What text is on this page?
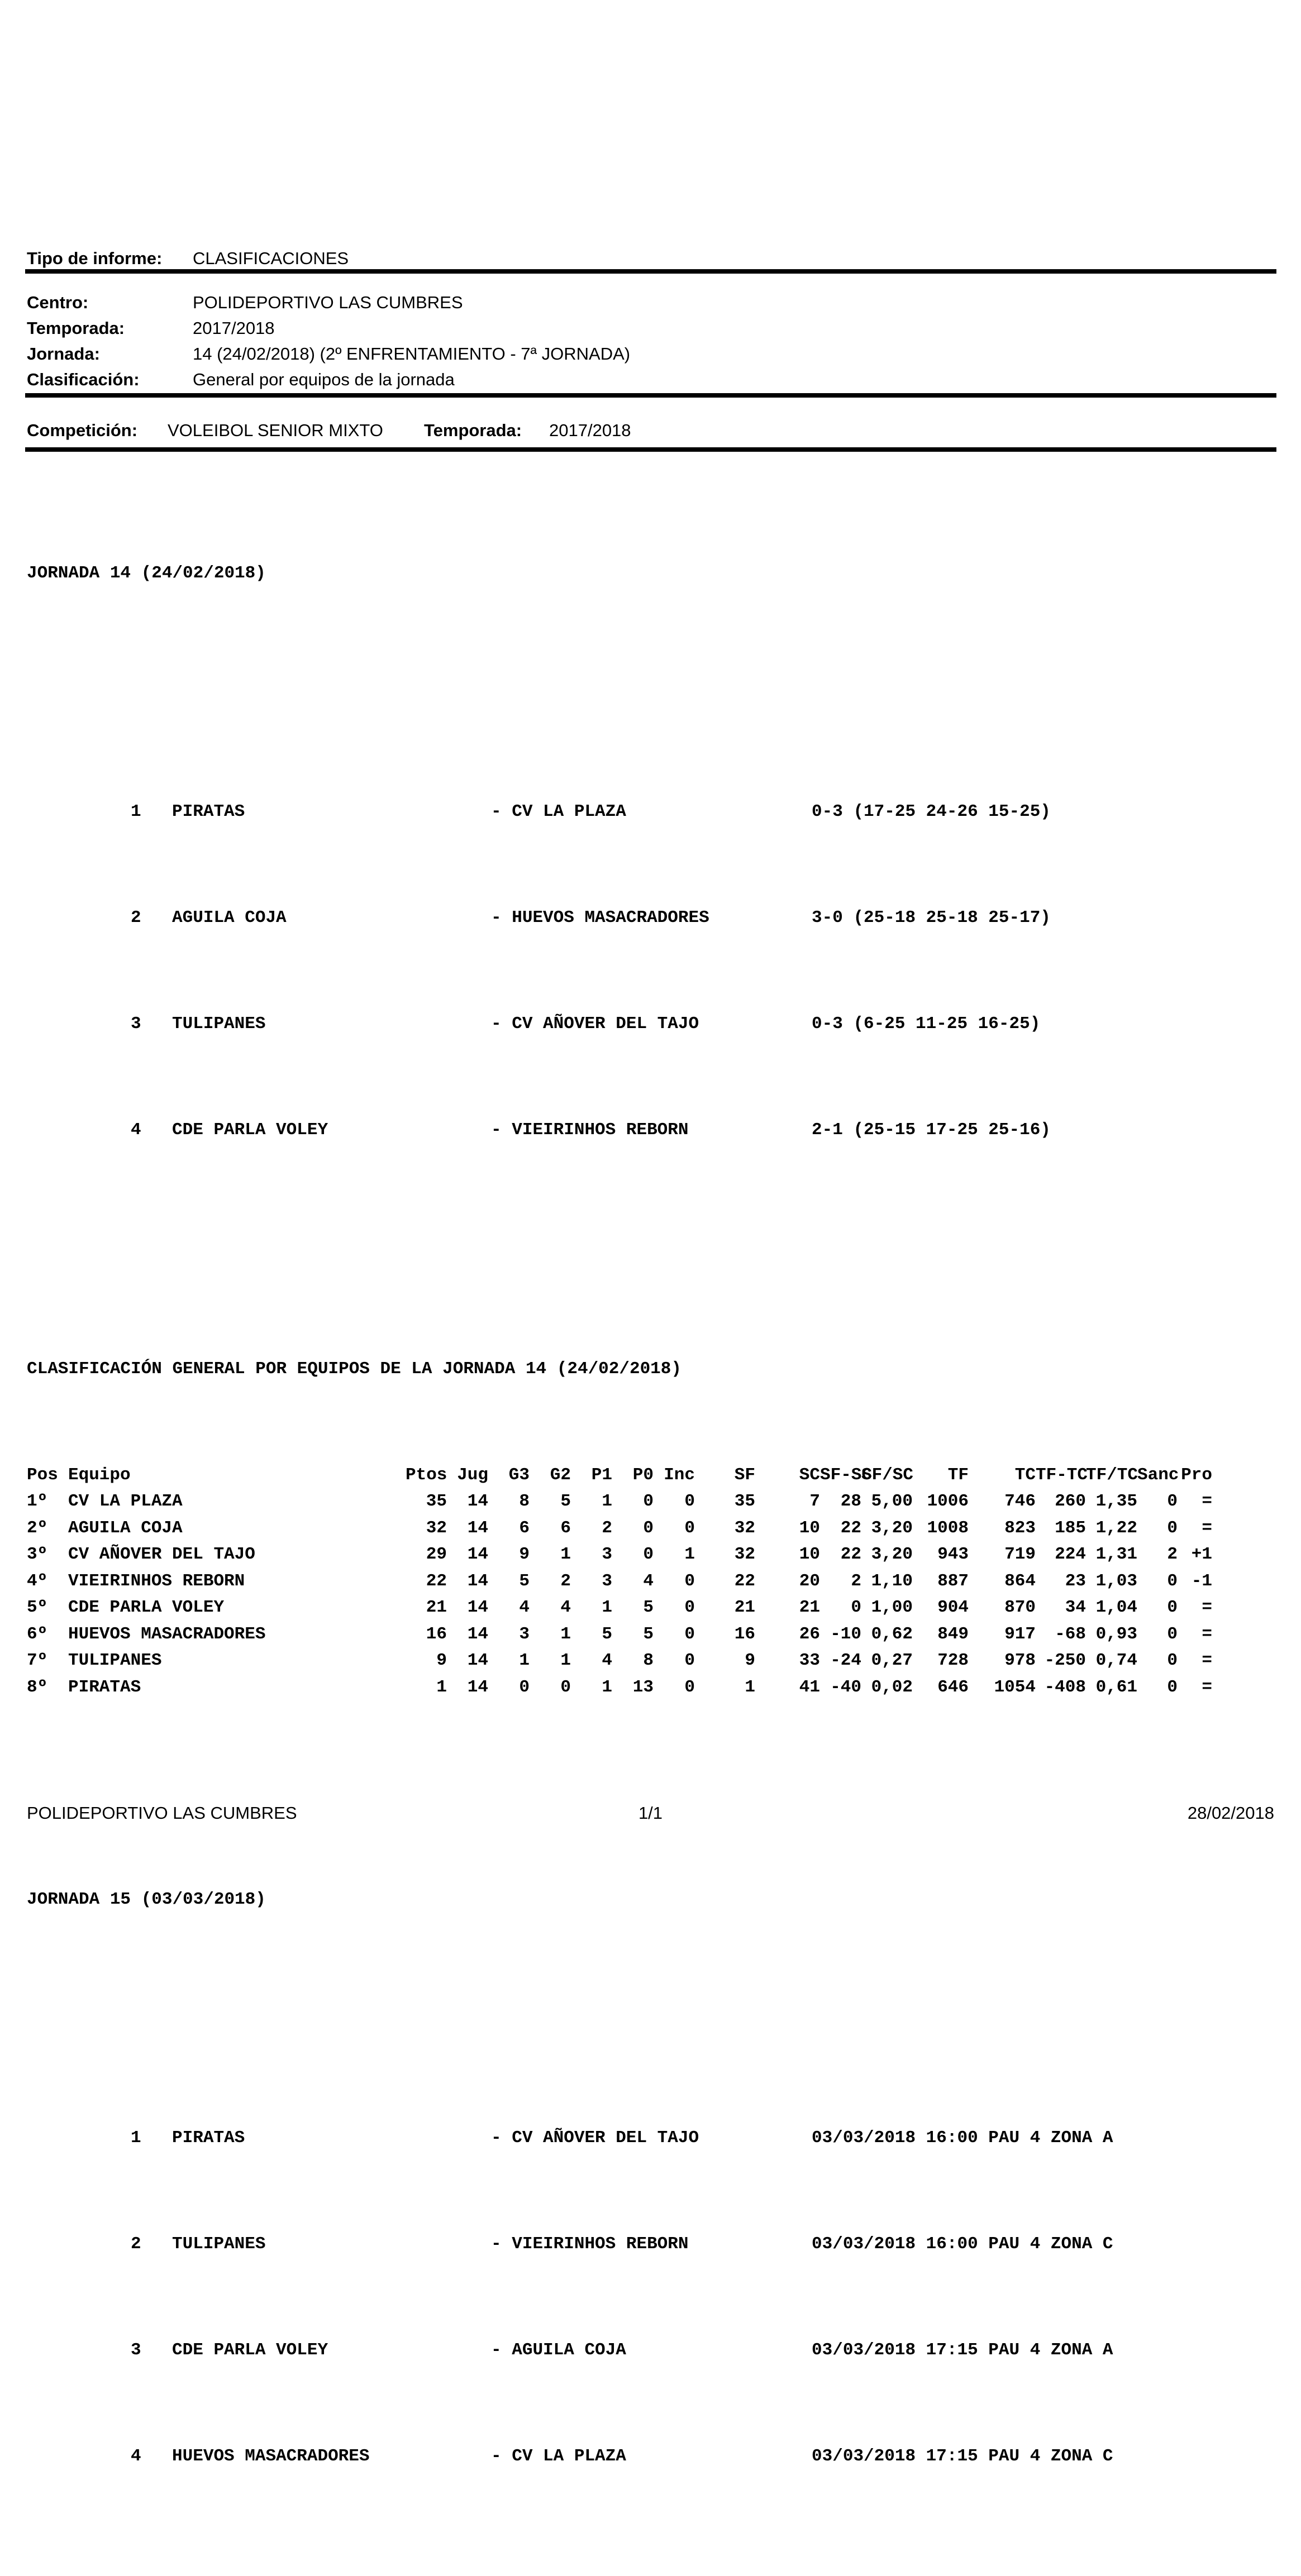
Tipo de informe: CLASIFICACIONES
Centro:	POLIDEPORTIVO LAS CUMBRES
Temporada:	2017/2018
Jornada:	14 (24/02/2018) (2º ENFRENTAMIENTO - 7ª JORNADA)
Clasificación:	General por equipos de la jornada
Competición: VOLEIBOL SENIOR MIXTO Temporada: 2017/2018

JORNADA 14 (24/02/2018)

1 PIRATAS	- CV LA PLAZA	0-3 (17-25 24-26 15-25)

2 AGUILA COJA	- HUEVOS MASACRADORES	3-0 (25-18 25-18 25-17)

3 TULIPANES	- CV AÑOVER DEL TAJO	0-3 (6-25 11-25 16-25)

4 CDE PARLA VOLEY	- VIEIRINHOS REBORN	2-1 (25-15 17-25 25-16)

CLASIFICACIÓN GENERAL POR EQUIPOS DE LA JORNADA 14 (24/02/2018)

Pos	Equipo	Ptos	Jug	G3	G2	P1	P0	Inc	SF	SC	SF-SC	SF/SC	TF	TC	TF-TC	TF/TC	Sanc	Pro
1º	CV LA PLAZA	35	14	8	5	1	0	0	35	7	28	5,00	1006	746	260	1,35	0	=
2º	AGUILA COJA	32	14	6	6	2	0	0	32	10	22	3,20	1008	823	185	1,22	0	=
3º	CV AÑOVER DEL TAJO	29	14	9	1	3	0	1	32	10	22	3,20	943	719	224	1,31	2	+1
4º	VIEIRINHOS REBORN	22	14	5	2	3	4	0	22	20	2	1,10	887	864	23	1,03	0	-1
5º	CDE PARLA VOLEY	21	14	4	4	1	5	0	21	21	0	1,00	904	870	34	1,04	0	=
6º	HUEVOS MASACRADORES	16	14	3	1	5	5	0	16	26	-10	0,62	849	917	-68	0,93	0	=
7º	TULIPANES	9	14	1	1	4	8	0	9	33	-24	0,27	728	978	-250	0,74	0	=
8º	PIRATAS	1	14	0	0	1	13	0	1	41	-40	0,02	646	1054	-408	0,61	0	=

JORNADA 15 (03/03/2018)

1 PIRATAS	- CV AÑOVER DEL TAJO	03/03/2018 16:00 PAU 4 ZONA A

2 TULIPANES	- VIEIRINHOS REBORN	03/03/2018 16:00 PAU 4 ZONA C

3 CDE PARLA VOLEY	- AGUILA COJA	03/03/2018 17:15 PAU 4 ZONA A

4 HUEVOS MASACRADORES	- CV LA PLAZA	03/03/2018 17:15 PAU 4 ZONA C

POLIDEPORTIVO LAS CUMBRES	1/1	28/02/2018
